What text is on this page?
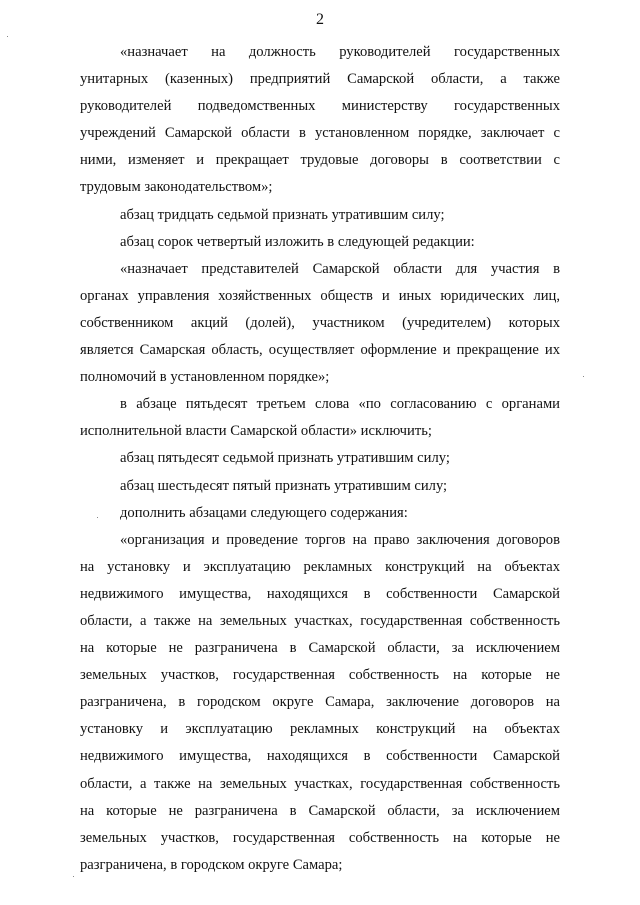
2
«назначает на должность руководителей государственных
унитарных (казенных) предприятий Самарской области, а также
руководителей подведомственных министерству государственных
учреждений Самарской области в установленном порядке, заключает с
ними, изменяет и прекращает трудовые договоры в соответствии с
трудовым законодательством»;
абзац тридцать седьмой признать утратившим силу;
абзац сорок четвертый изложить в следующей редакции:
«назначает представителей Самарской области для участия в
органах управления хозяйственных обществ и иных юридических лиц,
собственником акций (долей), участником (учредителем) которых
является Самарская область, осуществляет оформление и прекращение их
полномочий в установленном порядке»;
в абзаце пятьдесят третьем слова «по согласованию с органами
исполнительной власти Самарской области» исключить;
абзац пятьдесят седьмой признать утратившим силу;
абзац шестьдесят пятый признать утратившим силу;
дополнить абзацами следующего содержания:
«организация и проведение торгов на право заключения договоров
на установку и эксплуатацию рекламных конструкций на объектах
недвижимого имущества, находящихся в собственности Самарской
области, а также на земельных участках, государственная собственность
на которые не разграничена в Самарской области, за исключением
земельных участков, государственная собственность на которые не
разграничена, в городском округе Самара, заключение договоров на
установку и эксплуатацию рекламных конструкций на объектах
недвижимого имущества, находящихся в собственности Самарской
области, а также на земельных участках, государственная собственность
на которые не разграничена в Самарской области, за исключением
земельных участков, государственная собственность на которые не
разграничена, в городском округе Самара;
